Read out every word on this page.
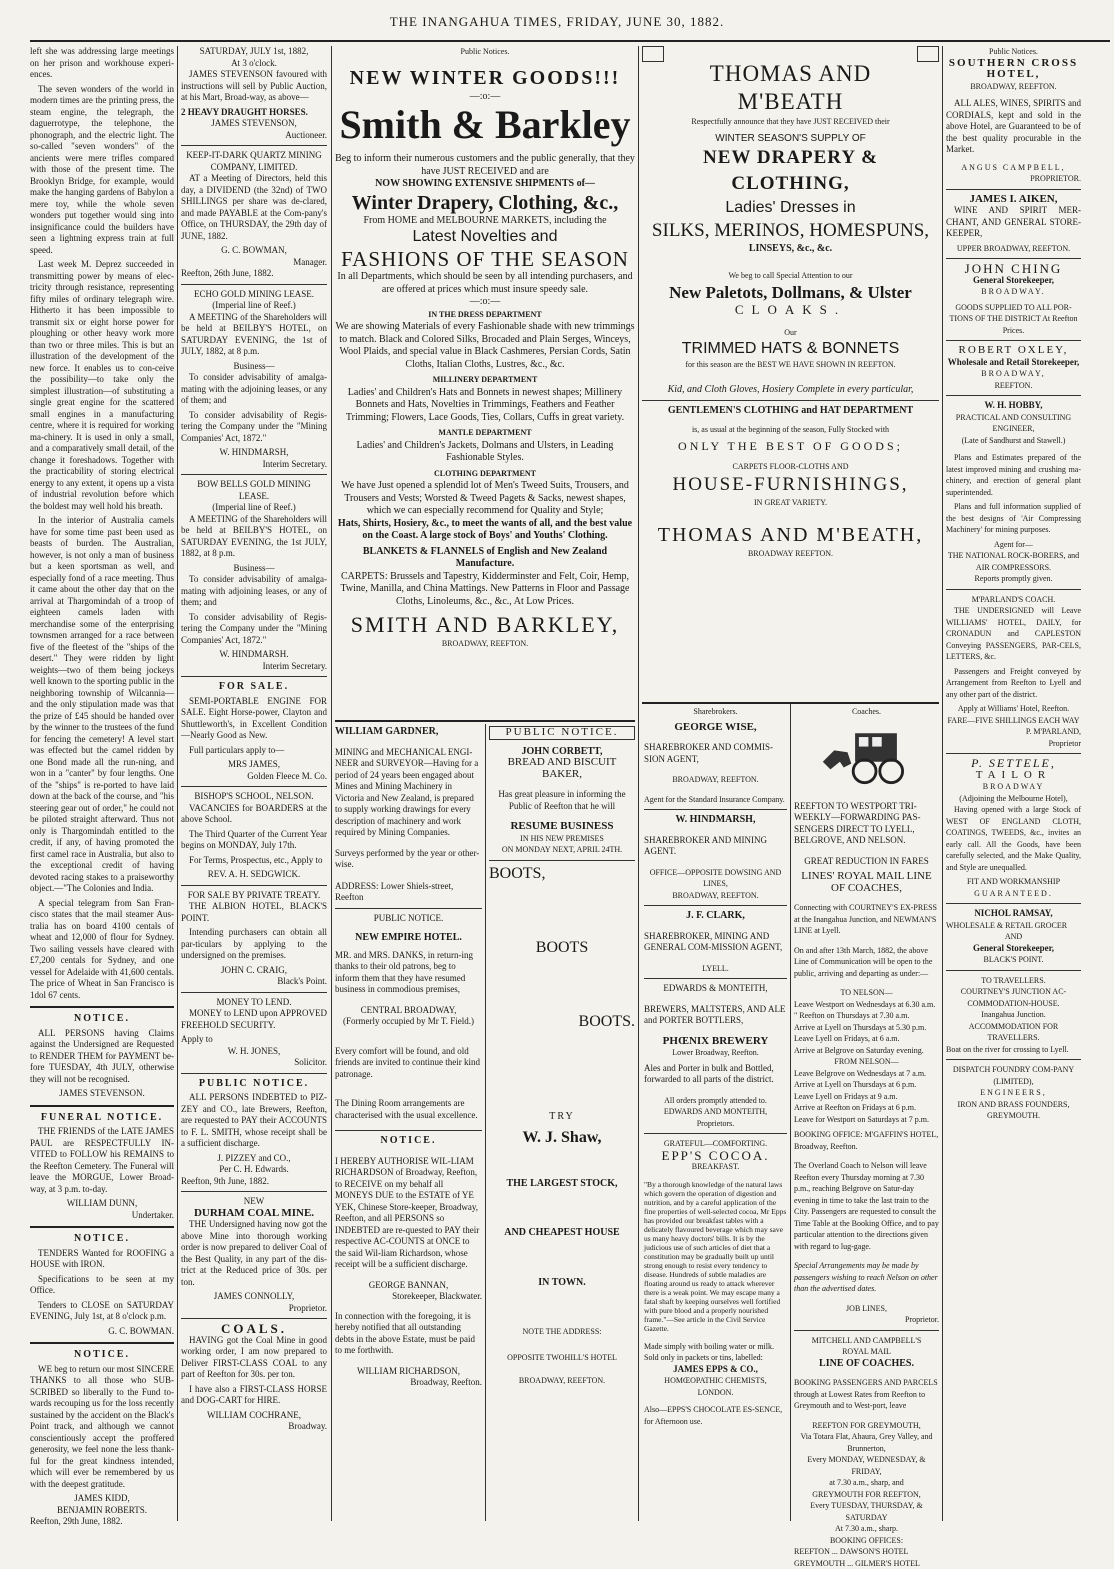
THE INANGAHUA TIMES, FRIDAY, JUNE 30, 1882.

left she was addressing large meetings on her prison and workhouse experi-ences.

The seven wonders of the world in modern times are the printing press, the steam engine, the telegraph, the daguerrotype, the telephone, the phonograph, and the electric light. The so-called "seven wonders" of the ancients were mere trifles compared with those of the present time. The Brooklyn Bridge, for example, would make the hanging gardens of Babylon a mere toy, while the whole seven wonders put together would sing into insignificance could the builders have seen a lightning express train at full speed.

Last week M. Deprez succeeded in transmitting power by means of elec-tricity through resistance, representing fifty miles of ordinary telegraph wire. Hitherto it has been impossible to transmit six or eight horse power for ploughing or other heavy work more than two or three miles. This is but an illustration of the development of the new force. It enables us to con-ceive the possibility—to take only the simplest illustration—of substituting a single great engine for the scattered small engines in a manufacturing centre, where it is required for working ma-chinery. It is used in only a small, and a comparatively small detail, of the change it foreshadows. Together with the practicability of storing electrical energy to any extent, it opens up a vista of industrial revolution before which the boldest may well hold his breath.

In the interior of Australia camels have for some time past been used as beasts of burden. The Australian, however, is not only a man of business but a keen sportsman as well, and especially fond of a race meeting. Thus it came about the other day that on the arrival at Thargomindah of a troop of eighteen camels laden with merchandise some of the enterprising townsmen arranged for a race between five of the fleetest of the "ships of the desert." They were ridden by light weights—two of them being jockeys well known to the sporting public in the neighboring township of Wilcannia—and the only stipulation made was that the prize of £45 should be handed over by the winner to the trustees of the fund for fencing the cemetery! A level start was effected but the camel ridden by one Bond made all the run-ning, and won in a "canter" by four lengths. One of the "ships" is re-ported to have laid down at the back of the course, and "his steering gear out of order," he could not be piloted straight afterward. Thus not only is Thargomindah entitled to the credit, if any, of having promoted the first camel race in Australia, but also to the exceptional credit of having devoted racing stakes to a praiseworthy object.—"The Colonies and India.

A special telegram from San Fran-cisco states that the mail steamer Aus-tralia has on board 4100 centals of wheat and 12,000 of flour for Sydney. Two sailing vessels have cleared with £7,200 centals for Sydney, and one vessel for Adelaide with 41,600 centals. The price of Wheat in San Francisco is 1dol 67 cents.

NOTICE.

ALL PERSONS having Claims against the Undersigned are Requested to RENDER THEM for PAYMENT be-fore TUESDAY, 4th JULY, otherwise they will not be recognised.

JAMES STEVENSON.
FUNERAL NOTICE.

THE FRIENDS of the LATE JAMES PAUL are RESPECTFULLY IN-VITED to FOLLOW his REMAINS to the Reefton Cemetery. The Funeral will leave the MORGUE, Lower Broad-way, at 3 p.m. to-day.

WILLIAM DUNN,
Undertaker.
NOTICE.

TENDERS Wanted for ROOFING a HOUSE with IRON.

Specifications to be seen at my Office.

Tenders to CLOSE on SATURDAY EVENING, July 1st, at 8 o'clock p.m.

G. C. BOWMAN.
NOTICE.

WE beg to return our most SINCERE THANKS to all those who SUB-SCRIBED so liberally to the Fund to-wards recouping us for the loss recently sustained by the accident on the Black's Point track, and although we cannot conscientiously accept the proffered generosity, we feel none the less thank-ful for the great kindness intended, which will ever be remembered by us with the deepest gratitude.

JAMES KIDD,
BENJAMIN ROBERTS.
Reefton, 29th June, 1882.
SATURDAY, JULY 1st, 1882,
At 3 o'clock.

JAMES STEVENSON favoured with instructions will sell by Public Auction, at his Mart, Broad-way, as above—

2 HEAVY DRAUGHT HORSES.
JAMES STEVENSON,
Auctioneer.
KEEP-IT-DARK QUARTZ MINING COMPANY, LIMITED.

AT a Meeting of Directors, held this day, a DIVIDEND (the 32nd) of TWO SHILLINGS per share was de-clared, and made PAYABLE at the Com-pany's Office, on THURSDAY, the 29th day of JUNE, 1882.

G. C. BOWMAN,
Manager.
Reefton, 26th June, 1882.
ECHO GOLD MINING LEASE.
(Imperial line of Reef.)

A MEETING of the Shareholders will be held at BEILBY'S HOTEL, on SATURDAY EVENING, the 1st of JULY, 1882, at 8 p.m.

Business—

To consider advisability of amalga-mating with the adjoining leases, or any of them; and

To consider advisability of Regis-tering the Company under the "Mining Companies' Act, 1872."

W. HINDMARSH,
Interim Secretary.
BOW BELLS GOLD MINING LEASE.
(Imperial line of Reef.)

A MEETING of the Shareholders will be held at BEILBY'S HOTEL, on SATURDAY EVENING, the 1st JULY, 1882, at 8 p.m.

Business—

To consider advisability of amalga-mating with adjoining leases, or any of them; and

To consider advisability of Regis-tering the Company under the "Mining Companies' Act, 1872."

W. HINDMARSH.
Interim Secretary.
FOR SALE.

SEMI-PORTABLE ENGINE FOR SALE. Eight Horse-power, Clayton and Shuttleworth's, in Excellent Condition—Nearly Good as New.

Full particulars apply to—

MRS JAMES,
Golden Fleece M. Co.
BISHOP'S SCHOOL, NELSON.

VACANCIES for BOARDERS at the above School.

The Third Quarter of the Current Year begins on MONDAY, July 17th.

For Terms, Prospectus, etc., Apply to

REV. A. H. SEDGWICK.
FOR SALE BY PRIVATE TREATY.

THE ALBION HOTEL, BLACK'S POINT.

Intending purchasers can obtain all par-ticulars by applying to the undersigned on the premises.

JOHN C. CRAIG,
Black's Point.
MONEY TO LEND.

MONEY to LEND upon APPROVED FREEHOLD SECURITY.

Apply to
W. H. JONES,
Solicitor.
PUBLIC NOTICE.

ALL PERSONS INDEBTED to PIZ-ZEY and CO., late Brewers, Reefton, are requested to PAY their ACCOUNTS to F. L. SMITH, whose receipt shall be a sufficient discharge.

J. PIZZEY and CO.,
Per C. H. Edwards.
Reefton, 9th June, 1882.
NEW
DURHAM COAL MINE.

THE Undersigned having now got the above Mine into thorough working order is now prepared to deliver Coal of the Best Quality, in any part of the dis-trict at the Reduced price of 30s. per ton.

JAMES CONNOLLY,
Proprietor.
COALS.

HAVING got the Coal Mine in good working order, I am now prepared to Deliver FIRST-CLASS COAL to any part of Reefton for 30s. per ton.

I have also a FIRST-CLASS HORSE and DOG-CART for HIRE.

WILLIAM COCHRANE,
Broadway.
Public Notices.
NEW WINTER GOODS!!!
—:o:—
Smith & Barkley
Beg to inform their numerous customers and the public generally, that they have JUST RECEIVED and are
NOW SHOWING EXTENSIVE SHIPMENTS of—
Winter Drapery, Clothing, &c.,
From HOME and MELBOURNE MARKETS, including the
Latest Novelties and
FASHIONS OF THE SEASON
In all Departments, which should be seen by all intending purchasers, and are offered at prices which must insure speedy sale.
—:o:—
IN THE DRESS DEPARTMENT
We are showing Materials of every Fashionable shade with new trimmings to match. Black and Colored Silks, Brocaded and Plain Serges, Winceys, Wool Plaids, and special value in Black Cashmeres, Persian Cords, Satin Cloths, Italian Cloths, Lustres, &c., &c.
MILLINERY DEPARTMENT
Ladies' and Children's Hats and Bonnets in newest shapes; Millinery Bonnets and Hats, Novelties in Trimmings, Feathers and Feather Trimming; Flowers, Lace Goods, Ties, Collars, Cuffs in great variety.
MANTLE DEPARTMENT
Ladies' and Children's Jackets, Dolmans and Ulsters, in Leading Fashionable Styles.
CLOTHING DEPARTMENT
We have Just opened a splendid lot of Men's Tweed Suits, Trousers, and Trousers and Vests; Worsted & Tweed Pagets & Sacks, newest shapes, which we can especially recommend for Quality and Style;
Hats, Shirts, Hosiery, &c., to meet the wants of all, and the best value on the Coast. A large stock of Boys' and Youths' Clothing.
BLANKETS & FLANNELS of English and New Zealand Manufacture.
CARPETS: Brussels and Tapestry, Kidderminster and Felt, Coir, Hemp, Twine, Manilla, and China Mattings. New Patterns in Floor and Passage Cloths, Linoleums, &c., &c., At Low Prices.
SMITH AND BARKLEY,
BROADWAY, REEFTON.
WILLIAM GARDNER,

MINING and MECHANICAL ENGI-NEER and SURVEYOR—Having for a period of 24 years been engaged about Mines and Mining Machinery in Victoria and New Zealand, is prepared to supply working drawings for every description of machinery and work required by Mining Companies.

Surveys performed by the year or other-wise.

ADDRESS: Lower Shiels-street, Reefton
PUBLIC NOTICE.
NEW EMPIRE HOTEL.

MR. and MRS. DANKS, in return-ing thanks to their old patrons, beg to inform them that they have resumed business in commodious premises,

CENTRAL BROADWAY,
(Formerly occupied by Mr T. Field.)

Every comfort will be found, and old friends are invited to continue their kind patronage.

The Dining Room arrangements are characterised with the usual excellence.

NOTICE.

I HEREBY AUTHORISE WIL-LIAM RICHARDSON of Broadway, Reefton, to RECEIVE on my behalf all MONEYS DUE to the ESTATE of YE YEK, Chinese Store-keeper, Broadway, Reefton, and all PERSONS so INDEBTED are re-quested to PAY their respective AC-COUNTS at ONCE to the said Wil-liam Richardson, whose receipt will be a sufficient discharge.

GEORGE BANNAN,
Storekeeper, Blackwater.

In connection with the foregoing, it is hereby notified that all outstanding debts in the above Estate, must be paid to me forthwith.

WILLIAM RICHARDSON,
Broadway, Reefton.
PUBLIC NOTICE.
JOHN CORBETT,
BREAD AND BISCUIT BAKER,

Has great pleasure in informing the Public of Reefton that he will

RESUME BUSINESS
IN HIS NEW PREMISES
ON MONDAY NEXT, APRIL 24TH.
BOOTS,
BOOTS
BOOTS.
TRY
W. J. Shaw,
THE LARGEST STOCK,
AND CHEAPEST HOUSE
IN TOWN.
NOTE THE ADDRESS:
OPPOSITE TWOHILL'S HOTEL
BROADWAY, REEFTON.
THOMAS AND M'BEATH
Respectfully announce that they have JUST RECEIVED their
WINTER SEASON'S SUPPLY OF
NEW DRAPERY & CLOTHING,
Ladies' Dresses in
SILKS, MERINOS, HOMESPUNS,
LINSEYS, &c., &c.
We beg to call Special Attention to our
New Paletots, Dollmans, & Ulster
CLOAKS.
Our
TRIMMED HATS & BONNETS
for this season are the BEST WE HAVE SHOWN IN REEFTON.
Kid, and Cloth Gloves, Hosiery Complete in every particular,
GENTLEMEN'S CLOTHING and HAT DEPARTMENT
is, as usual at the beginning of the season, Fully Stocked with
ONLY THE BEST OF GOODS;
CARPETS FLOOR-CLOTHS AND
HOUSE-FURNISHINGS,
IN GREAT VARIETY.
THOMAS AND M'BEATH,
BROADWAY REEFTON.
Sharebrokers.
GEORGE WISE,

SHAREBROKER AND COMMIS-SION AGENT,

BROADWAY, REEFTON.
Agent for the Standard Insurance Company.
W. HINDMARSH,

SHAREBROKER AND MINING AGENT.

OFFICE—OPPOSITE DOWSING AND LINES,
BROADWAY, REEFTON.
J. F. CLARK,

SHAREBROKER, MINING AND GENERAL COM-MISSION AGENT,

LYELL.
EDWARDS & MONTEITH,

BREWERS, MALTSTERS, AND ALE and PORTER BOTTLERS,

PHŒNIX BREWERY
Lower Broadway, Reefton.

Ales and Porter in bulk and Bottled, forwarded to all parts of the district.

All orders promptly attended to.
EDWARDS AND MONTEITH,
Proprietors.
GRATEFUL—COMFORTING.
EPP'S COCOA.
BREAKFAST.

"By a thorough knowledge of the natural laws which govern the operation of digestion and nutrition, and by a careful application of the fine properties of well-selected cocoa, Mr Epps has provided our breakfast tables with a delicately flavoured beverage which may save us many heavy doctors' bills. It is by the judicious use of such articles of diet that a constitution may be gradually built up until strong enough to resist every tendency to disease. Hundreds of subtle maladies are floating around us ready to attack wherever there is a weak point. We may escape many a fatal shaft by keeping ourselves well fortified with pure blood and a properly nourished frame."—See article in the Civil Service Gazette.

Made simply with boiling water or milk. Sold only in packets or tins, labelled:
JAMES EPPS & CO.,
HOMŒOPATHIC CHEMISTS,
LONDON.
Also—EPPS'S CHOCOLATE ES-SENCE, for Afternoon use.
Coaches.

REEFTON TO WESTPORT TRI-WEEKLY—FORWARDING PAS-SENGERS DIRECT TO LYELL, BELGROVE, AND NELSON.

GREAT REDUCTION IN FARES
LINES' ROYAL MAIL LINE OF COACHES,

Connecting with COURTNEY'S EX-PRESS at the Inangahua Junction, and NEWMAN'S LINE at Lyell.

On and after 13th March, 1882, the above Line of Communication will be open to the public, arriving and departing as under:—

TO NELSON—
Leave Westport on Wednesdays at 6.30 a.m.
" Reefton on Thursdays at 7.30 a.m.
Arrive at Lyell on Thursdays at 5.30 p.m.
Leave Lyell on Fridays, at 6 a.m.
Arrive at Belgrove on Saturday evening.
FROM NELSON—
Leave Belgrove on Wednesdays at 7 a.m.
Arrive at Lyell on Thursdays at 6 p.m.
Leave Lyell on Fridays at 9 a.m.
Arrive at Reefton on Fridays at 6 p.m.
Leave for Westport on Saturdays at 7 p.m.

BOOKING OFFICE: M'GAFFIN'S HOTEL, Broadway, Reefton.

The Overland Coach to Nelson will leave Reefton every Thursday morning at 7.30 p.m., reaching Belgrove on Satur-day evening in time to take the last train to the City. Passengers are requested to consult the Time Table at the Booking Office, and to pay particular attention to the directions given with regard to lug-gage.

Special Arrangements may be made by passengers wishing to reach Nelson on other than the advertised dates.

JOB LINES,
Proprietor.
MITCHELL AND CAMPBELL'S
ROYAL MAIL
LINE OF COACHES.

BOOKING PASSENGERS AND PARCELS through at Lowest Rates from Reefton to Greymouth and to West-port, leave

REEFTON FOR GREYMOUTH,
Via Totara Flat, Ahaura, Grey Valley, and Brunnerton,
Every MONDAY, WEDNESDAY, & FRIDAY,
at 7.30 a.m., sharp, and
GREYMOUTH FOR REEFTON,
Every TUESDAY, THURSDAY, & SATURDAY
At 7.30 a.m., sharp.
BOOKING OFFICES:
REEFTON ... DAWSON'S HOTEL
GREYMOUTH ... GILMER'S HOTEL
Public Notices.
SOUTHERN CROSS HOTEL,
BROADWAY, REEFTON.

ALL ALES, WINES, SPIRITS and CORDIALS, kept and sold in the above Hotel, are Guaranteed to be of the best quality procurable in the Market.

ANGUS CAMPBELL,
PROPRIETOR.
JAMES I. AIKEN,

WINE AND SPIRIT MER-CHANT, AND GENERAL STORE-KEEPER,

UPPER BROADWAY, REEFTON.
JOHN CHING
General Storekeeper,
BROADWAY.
GOODS SUPPLIED TO ALL POR-TIONS OF THE DISTRICT At Reefton Prices.
ROBERT OXLEY,
Wholesale and Retail Storekeeper,
BROADWAY,
REEFTON.
W. H. HOBBY,
PRACTICAL AND CONSULTING ENGINEER,
(Late of Sandhurst and Stawell.)

Plans and Estimates prepared of the latest improved mining and crushing ma-chinery, and erection of general plant superintended.

Plans and full information supplied of the best designs of 'Air Compressing Machinery' for mining purposes.

Agent for—
THE NATIONAL ROCK-BORERS, and AIR COMPRESSORS.
Reports promptly given.
M'PARLAND'S COACH.

THE UNDERSIGNED will Leave WILLIAMS' HOTEL, DAILY, for CRONADUN and CAPLESTON Conveying PASSENGERS, PAR-CELS, LETTERS, &c.

Passengers and Freight conveyed by Arrangement from Reefton to Lyell and any other part of the district.

Apply at Williams' Hotel, Reefton.
FARE—FIVE SHILLINGS EACH WAY
P. M'PARLAND,
Proprietor
P. SETTELE,
TAILOR
BROADWAY
(Adjoining the Melbourne Hotel),

Having opened with a large Stock of WEST OF ENGLAND CLOTH, COATINGS, TWEEDS, &c., invites an early call. All the Goods, have been carefully selected, and the Make Quality, and Style are unequalled.

FIT AND WORKMANSHIP
GUARANTEED.
NICHOL RAMSAY,
WHOLESALE & RETAIL GROCER
AND
General Storekeeper,
BLACK'S POINT.
TO TRAVELLERS.
COURTNEY'S JUNCTION AC-COMMODATION-HOUSE.
Inangahua Junction.
ACCOMMODATION FOR TRAVELLERS.
Boat on the river for crossing to Lyell.
DISPATCH FOUNDRY COM-PANY (LIMITED),
ENGINEERS,
IRON AND BRASS FOUNDERS,
GREYMOUTH.
